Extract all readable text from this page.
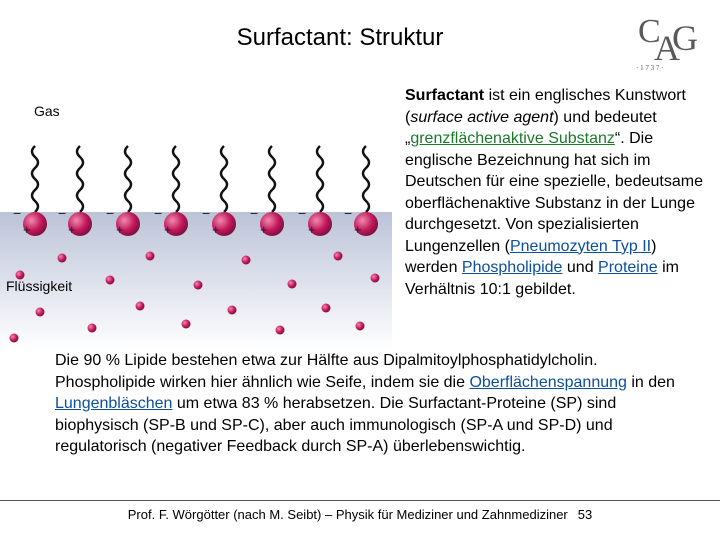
Surfactant: Struktur	C
A
G
· 1 7 3 7 ·
−
+
−
+
−
+
−
+
−
+
−
+
−
+
−
+
Gas
Flüssigkeit
Surfactant ist ein englisches Kunstwort (surface active agent) und bedeutet „grenzflächenaktive Substanz“. Die englische Bezeichnung hat sich im Deutschen für eine spezielle, bedeutsame oberflächenaktive Substanz in der Lunge durchgesetzt. Von spezialisierten Lungenzellen (Pneumozyten Typ II) werden Phospholipide und Proteine im Verhältnis 10:1 gebildet.
Die 90 % Lipide bestehen etwa zur Hälfte aus Dipalmitoylphosphatidylcholin. Phospholipide wirken hier ähnlich wie Seife, indem sie die Oberflächenspannung in den Lungenbläschen um etwa 83 % herabsetzen. Die Surfactant-Proteine (SP) sind biophysisch (SP-B und SP-C), aber auch immunologisch (SP-A und SP-D) und regulatorisch (negativer Feedback durch SP-A) überlebenswichtig.
Prof. F. Wörgötter (nach M. Seibt) – Physik für Mediziner und Zahnmediziner 53
